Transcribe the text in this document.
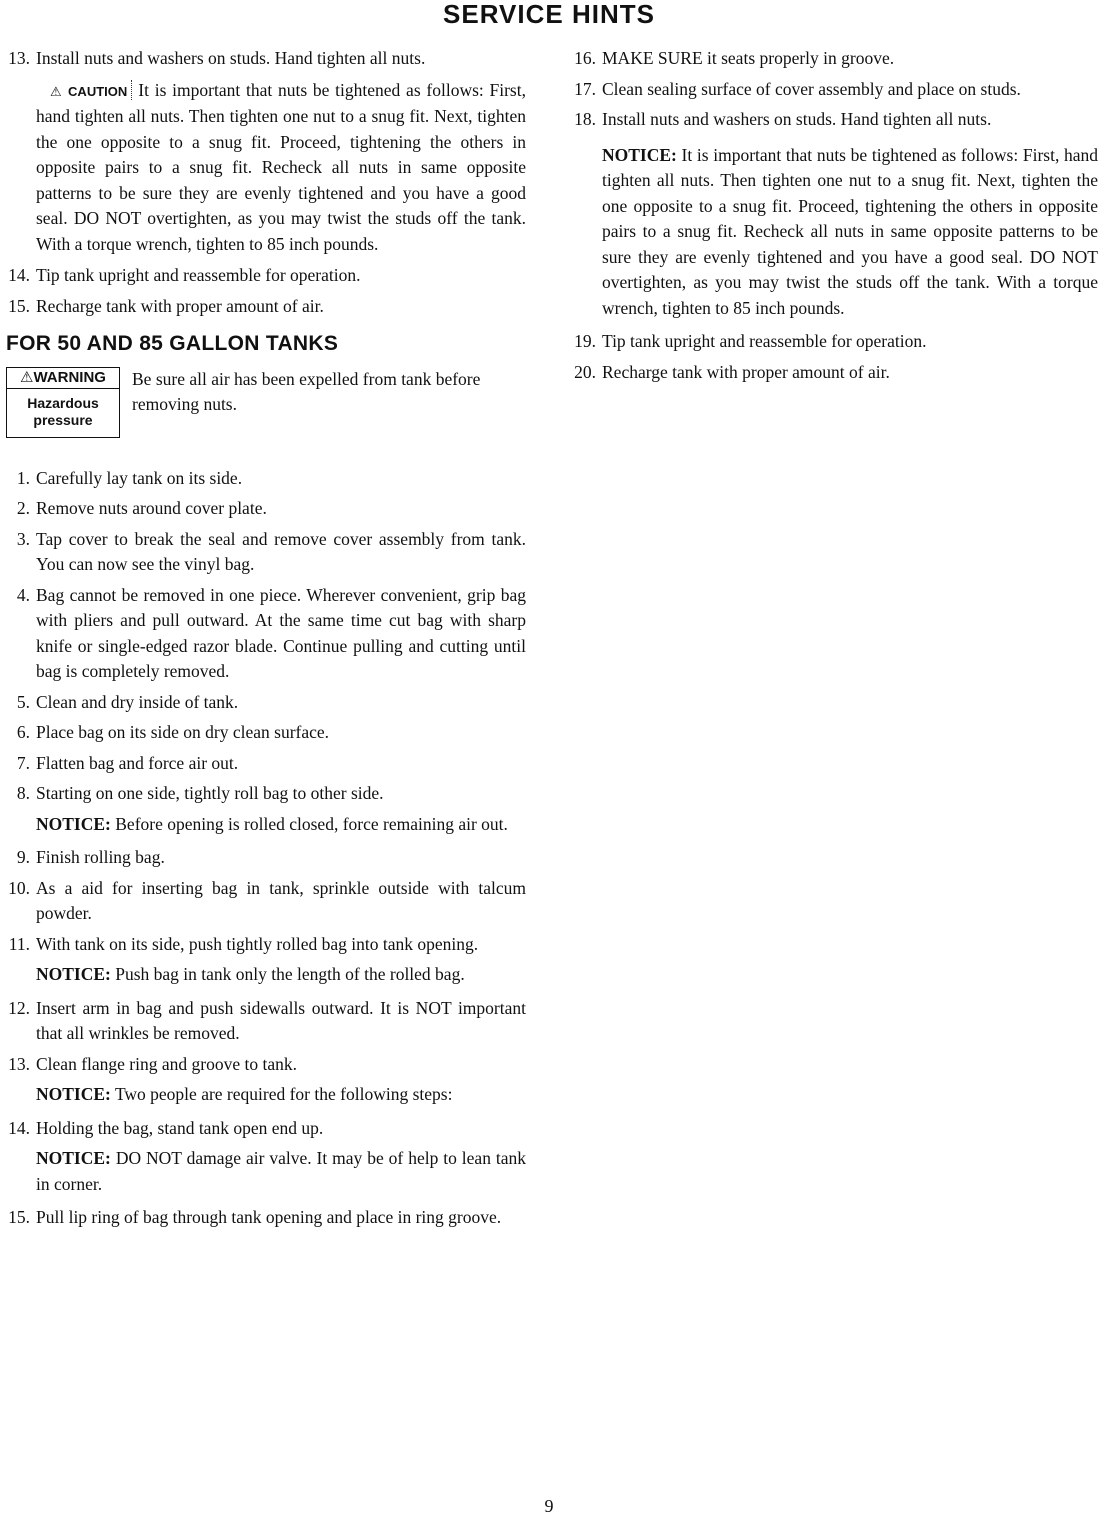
SERVICE HINTS
13. Install nuts and washers on studs. Hand tighten all nuts.

⚠ CAUTION It is important that nuts be tightened as follows: First, hand tighten all nuts. Then tighten one nut to a snug fit. Next, tighten the one opposite to a snug fit. Proceed, tightening the others in opposite pairs to a snug fit. Recheck all nuts in same opposite patterns to be sure they are evenly tightened and you have a good seal. DO NOT overtighten, as you may twist the studs off the tank. With a torque wrench, tighten to 85 inch pounds.

14. Tip tank upright and reassemble for operation.
15. Recharge tank with proper amount of air.
FOR 50 AND 85 GALLON TANKS
⚠WARNING
Hazardous
pressure
Be sure all air has been expelled from tank before removing nuts.
1. Carefully lay tank on its side.
2. Remove nuts around cover plate.
3. Tap cover to break the seal and remove cover assembly from tank. You can now see the vinyl bag.
4. Bag cannot be removed in one piece. Wherever convenient, grip bag with pliers and pull outward. At the same time cut bag with sharp knife or single-edged razor blade. Continue pulling and cutting until bag is completely removed.
5. Clean and dry inside of tank.
6. Place bag on its side on dry clean surface.
7. Flatten bag and force air out.
8. Starting on one side, tightly roll bag to other side.

NOTICE: Before opening is rolled closed, force remaining air out.

9. Finish rolling bag.
10. As a aid for inserting bag in tank, sprinkle outside with talcum powder.
11. With tank on its side, push tightly rolled bag into tank opening.

NOTICE: Push bag in tank only the length of the rolled bag.

12. Insert arm in bag and push sidewalls outward. It is NOT important that all wrinkles be removed.
13. Clean flange ring and groove to tank.

NOTICE: Two people are required for the following steps:

14. Holding the bag, stand tank open end up.

NOTICE: DO NOT damage air valve. It may be of help to lean tank in corner.

15. Pull lip ring of bag through tank opening and place in ring groove.
16. MAKE SURE it seats properly in groove.
17. Clean sealing surface of cover assembly and place on studs.
18. Install nuts and washers on studs. Hand tighten all nuts.

NOTICE: It is important that nuts be tightened as follows: First, hand tighten all nuts. Then tighten one nut to a snug fit. Next, tighten the one opposite to a snug fit. Proceed, tightening the others in opposite pairs to a snug fit. Recheck all nuts in same opposite patterns to be sure they are evenly tightened and you have a good seal. DO NOT overtighten, as you may twist the studs off the tank. With a torque wrench, tighten to 85 inch pounds.

19. Tip tank upright and reassemble for operation.
20. Recharge tank with proper amount of air.
9
